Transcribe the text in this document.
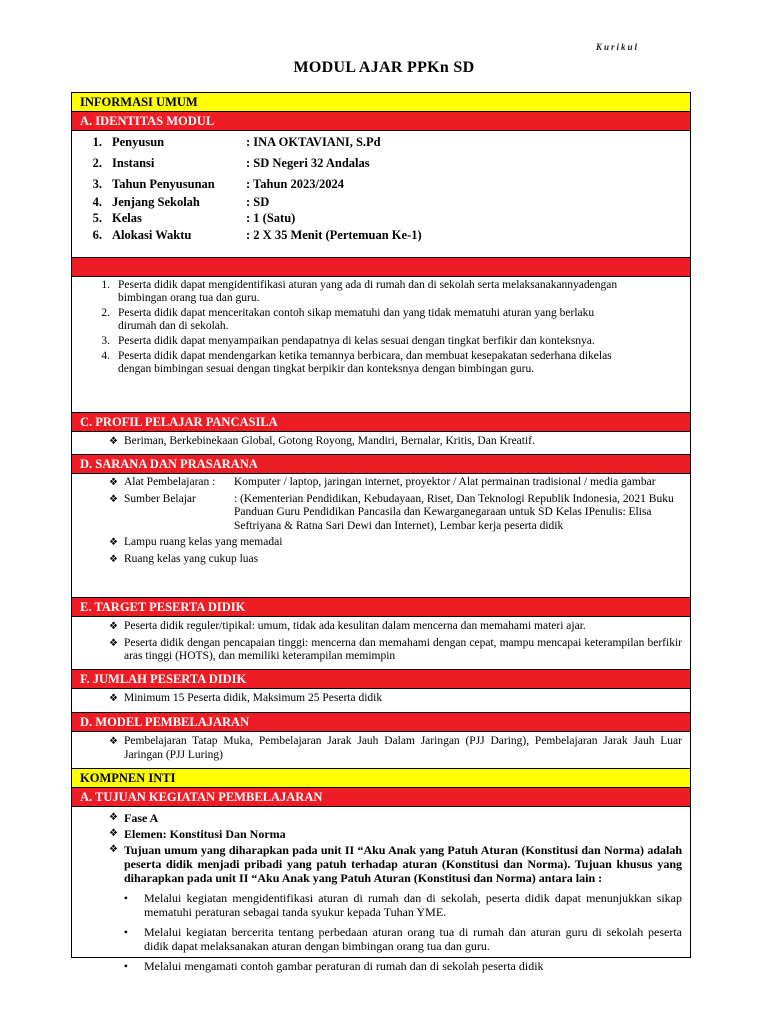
Kurikul
MODUL AJAR PPKn SD
INFORMASI UMUM
A. IDENTITAS MODUL
1. Penyusun	: INA OKTAVIANI, S.Pd
2. Instansi	: SD Negeri 32 Andalas
3. Tahun Penyusunan	: Tahun 2023/2024
4. Jenjang Sekolah	: SD
5. Kelas	: 1 (Satu)
6. Alokasi Waktu	: 2 X 35 Menit (Pertemuan Ke-1)
1. Peserta didik dapat mengidentifikasi aturan yang ada di rumah dan di sekolah serta melaksanakannyadengan bimbingan orang tua dan guru.
2. Peserta didik dapat menceritakan contoh sikap mematuhi dan yang tidak mematuhi aturan yang berlaku dirumah dan di sekolah.
3. Peserta didik dapat menyampaikan pendapatnya di kelas sesuai dengan tingkat berfikir dan konteksnya.
4. Peserta didik dapat mendengarkan ketika temannya berbicara, dan membuat kesepakatan sederhana dikelas dengan bimbingan sesuai dengan tingkat berpikir dan konteksnya dengan bimbingan guru.
C. PROFIL PELAJAR PANCASILA
❖ Beriman, Berkebinekaan Global, Gotong Royong, Mandiri, Bernalar, Kritis, Dan Kreatif.
D. SARANA DAN PRASARANA
❖ Alat Pembelajaran :	Komputer / laptop, jaringan internet, proyektor / Alat permainan tradisional / media gambar
❖ Sumber Belajar	: (Kementerian Pendidikan, Kebudayaan, Riset, Dan Teknologi Republik Indonesia, 2021 Buku Panduan Guru Pendidikan Pancasila dan Kewarganegaraan untuk SD Kelas IPenulis: Elisa Seftriyana & Ratna Sari Dewi dan Internet), Lembar kerja peserta didik
❖ Lampu ruang kelas yang memadai
❖ Ruang kelas yang cukup luas
E. TARGET PESERTA DIDIK
❖ Peserta didik reguler/tipikal: umum, tidak ada kesulitan dalam mencerna dan memahami materi ajar.
❖ Peserta didik dengan pencapaian tinggi: mencerna dan memahami dengan cepat, mampu mencapai keterampilan berfikir aras tinggi (HOTS), dan memiliki keterampilan memimpin
F. JUMLAH PESERTA DIDIK
❖ Minimum 15 Peserta didik, Maksimum 25 Peserta didik
D. MODEL PEMBELAJARAN
❖ Pembelajaran Tatap Muka, Pembelajaran Jarak Jauh Dalam Jaringan (PJJ Daring), Pembelajaran Jarak Jauh Luar Jaringan (PJJ Luring)
KOMPNEN INTI
A. TUJUAN KEGIATAN PEMBELAJARAN
❖ Fase A
❖ Elemen: Konstitusi Dan Norma
❖ Tujuan umum yang diharapkan pada unit II “Aku Anak yang Patuh Aturan (Konstitusi dan Norma) adalah peserta didik menjadi pribadi yang patuh terhadap aturan (Konstitusi dan Norma). Tujuan khusus yang diharapkan pada unit II “Aku Anak yang Patuh Aturan (Konstitusi dan Norma) antara lain :
•	Melalui kegiatan mengidentifikasi aturan di rumah dan di sekolah, peserta didik dapat menunjukkan sikap mematuhi peraturan sebagai tanda syukur kepada Tuhan YME.
•	Melalui kegiatan bercerita tentang perbedaan aturan orang tua di rumah dan aturan guru di sekolah peserta didik dapat melaksanakan aturan dengan bimbingan orang tua dan guru.
•	Melalui mengamati contoh gambar peraturan di rumah dan di sekolah peserta didik
